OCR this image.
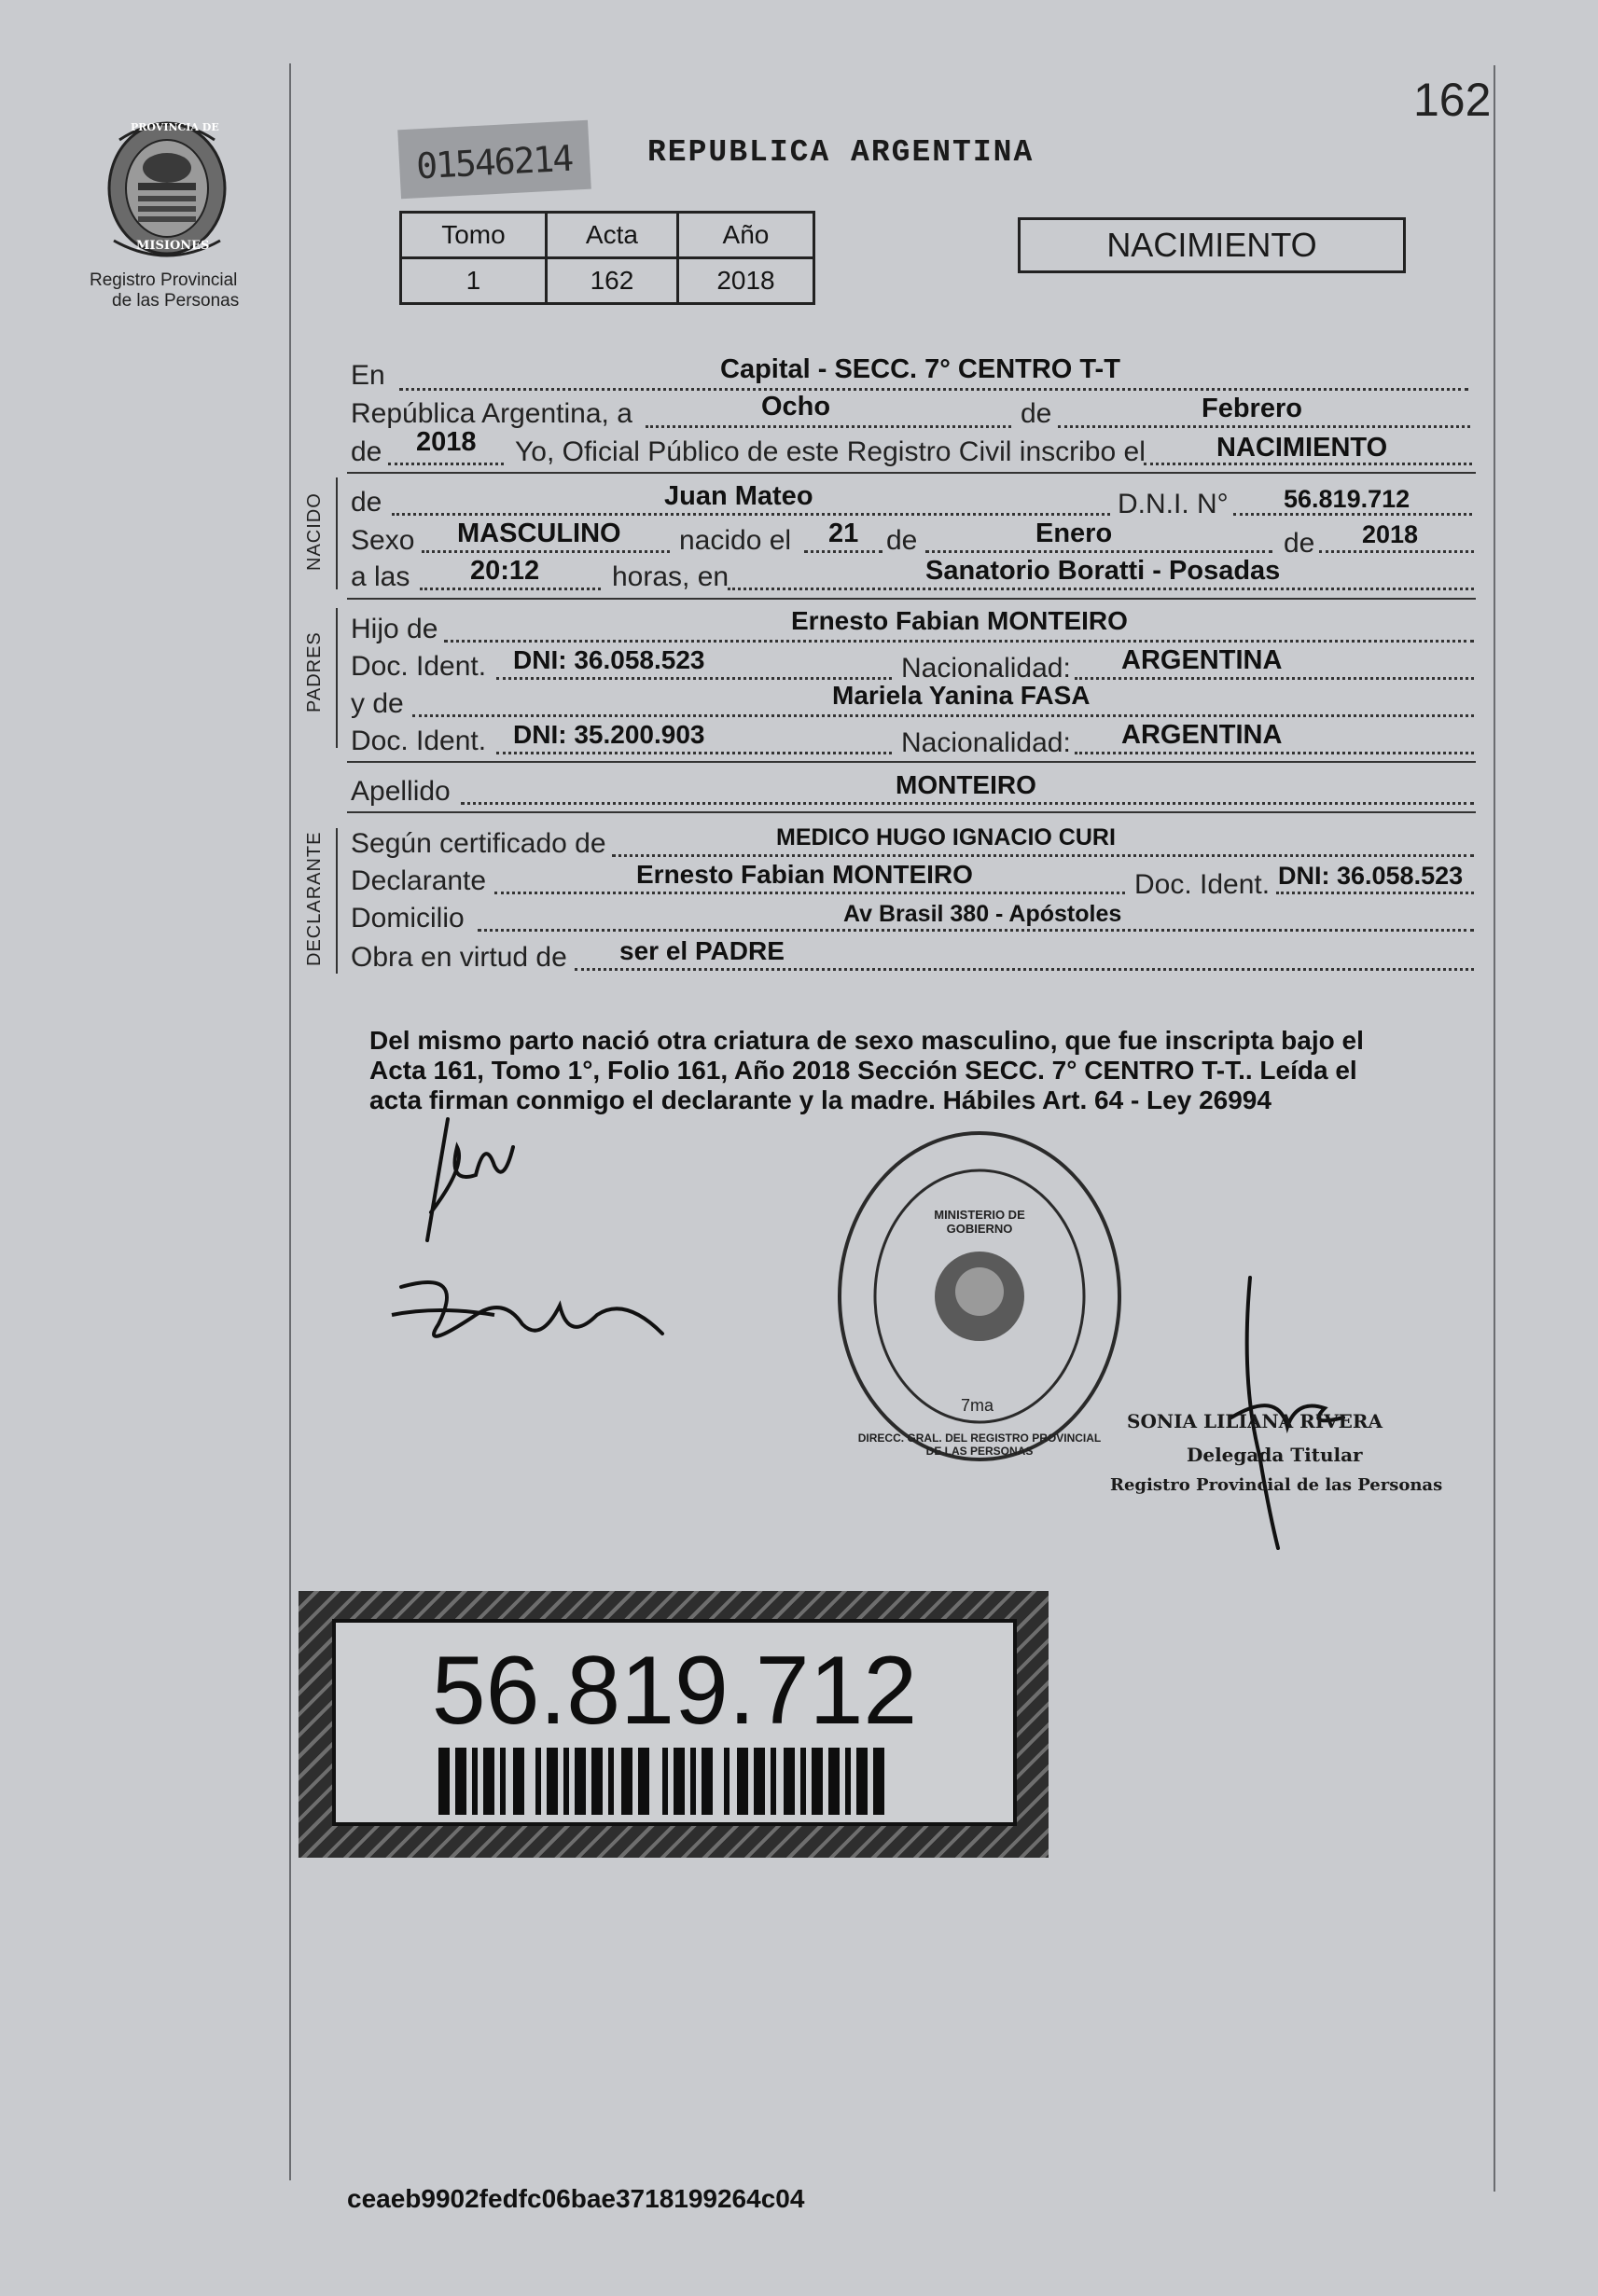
162
PROVINCIA DE
MISIONES
Registro Provincial
de las Personas
01546214 REPUBLICA ARGENTINA
Tomo	Acta	Año
1	162	2018
NACIMIENTO
En	Capital - SECC. 7° CENTRO T-T
República Argentina, a	Ocho	de	Febrero
de 2018 Yo, Oficial Público de este Registro Civil inscribo el	NACIMIENTO
NACIDO de	Juan Mateo	D.N.I. N° 56.819.712
Sexo MASCULINO nacido el 21 de	Enero	de 2018
a las 20:12	horas, en	Sanatorio Boratti - Posadas
PADRES
Hijo de	Ernesto Fabian MONTEIRO
Doc. Ident. DNI: 36.058.523	Nacionalidad: ARGENTINA
y de	Mariela Yanina FASA
Doc. Ident. DNI: 35.200.903	Nacionalidad: ARGENTINA
Apellido	MONTEIRO
DECLARANTE Según certificado de	MEDICO HUGO IGNACIO CURI
Declarante	Ernesto Fabian MONTEIRO	Doc. Ident. DNI: 36.058.523
Domicilio	Av Brasil 380 - Apóstoles
Obra en virtud de ser el PADRE
Del mismo parto nació otra criatura de sexo masculino, que fue inscripta bajo el
Acta 161, Tomo 1°, Folio 161, Año 2018 Sección SECC. 7° CENTRO T-T.. Leída el
acta firman conmigo el declarante y la madre. Hábiles Art. 64 - Ley 26994
DIRECC. GRAL. DEL REGISTRO PROVINCIAL DE LAS PERSONAS
MINISTERIO DE GOBIERNO
7ma
SONIA LILIANA RIVERA
Delegada Titular
Registro Provincial de las Personas
56.819.712
ceaeb9902fedfc06bae3718199264c04
